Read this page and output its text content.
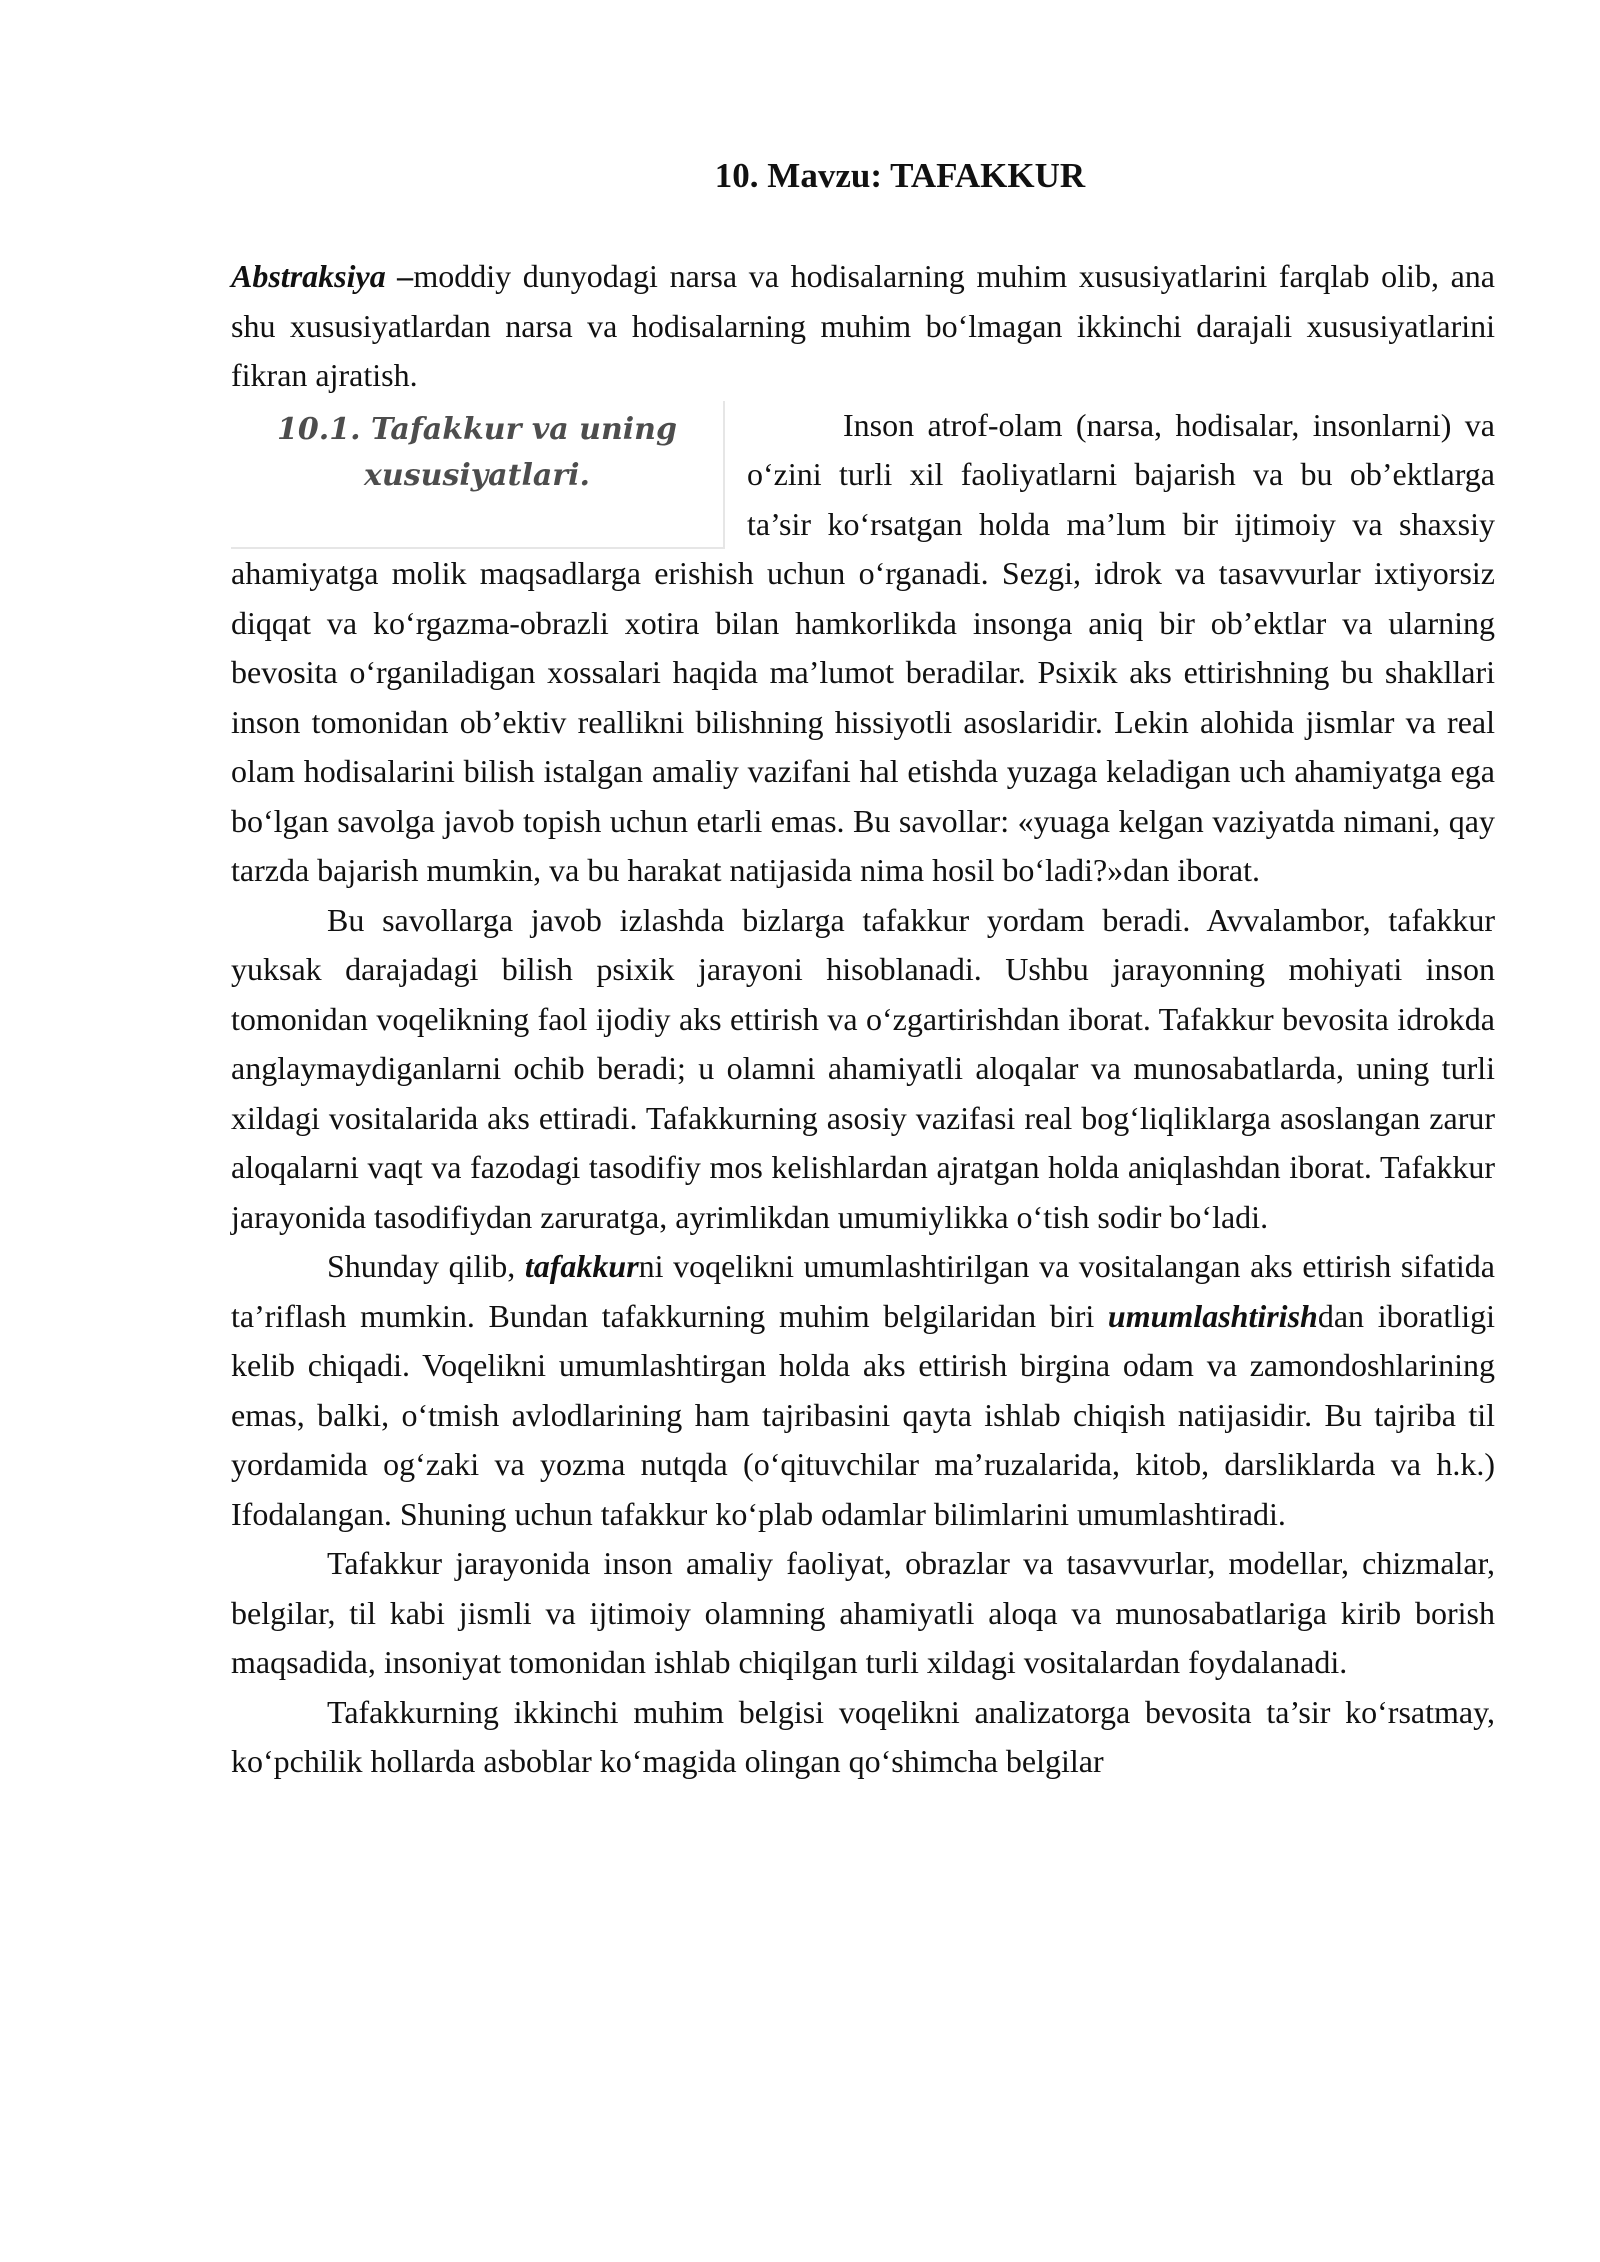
10. Mavzu: TAFAKKUR

Abstraksiya –moddiy dunyodagi narsa va hodisalarning muhim xususiyatlarini farqlab olib, ana shu xususiyatlardan narsa va hodisalarning muhim bo‘lmagan ikkinchi darajali xususiyatlarini fikran ajratish.

10.1. Tafakkur va uning
xususiyatlari.

Inson atrof-olam (narsa, hodisalar, insonlarni) va o‘zini turli xil faoliyatlarni bajarish va bu ob’ektlarga ta’sir ko‘rsatgan holda ma’lum bir ijtimoiy va shaxsiy ahamiyatga molik maqsadlarga erishish uchun o‘rganadi. Sezgi, idrok va tasavvurlar ixtiyorsiz diqqat va ko‘rgazma-obrazli xotira bilan hamkorlikda insonga aniq bir ob’ektlar va ularning bevosita o‘rganiladigan xossalari haqida ma’lumot beradilar. Psixik aks ettirishning bu shakllari inson tomonidan ob’ektiv reallikni bilishning hissiyotli asoslaridir. Lekin alohida jismlar va real olam hodisalarini bilish istalgan amaliy vazifani hal etishda yuzaga keladigan uch ahamiyatga ega bo‘lgan savolga javob topish uchun etarli emas. Bu savollar: «yuaga kelgan vaziyatda nimani, qay tarzda bajarish mumkin, va bu harakat natijasida nima hosil bo‘ladi?»dan iborat.

Bu savollarga javob izlashda bizlarga tafakkur yordam beradi. Avvalambor, tafakkur yuksak darajadagi bilish psixik jarayoni hisoblanadi. Ushbu jarayonning mohiyati inson tomonidan voqelikning faol ijodiy aks ettirish va o‘zgartirishdan iborat. Tafakkur bevosita idrokda anglaymaydiganlarni ochib beradi; u olamni ahamiyatli aloqalar va munosabatlarda, uning turli xildagi vositalarida aks ettiradi. Tafakkurning asosiy vazifasi real bog‘liqliklarga asoslangan zarur aloqalarni vaqt va fazodagi tasodifiy mos kelishlardan ajratgan holda aniqlashdan iborat. Tafakkur jarayonida tasodifiydan zaruratga, ayrimlikdan umumiylikka o‘tish sodir bo‘ladi.

Shunday qilib, tafakkurni voqelikni umumlashtirilgan va vositalangan aks ettirish sifatida ta’riflash mumkin. Bundan tafakkurning muhim belgilaridan biri umumlashtirishdan iboratligi kelib chiqadi. Voqelikni umumlashtirgan holda aks ettirish birgina odam va zamondoshlarining emas, balki, o‘tmish avlodlarining ham tajribasini qayta ishlab chiqish natijasidir. Bu tajriba til yordamida og‘zaki va yozma nutqda (o‘qituvchilar ma’ruzalarida, kitob, darsliklarda va h.k.) Ifodalangan. Shuning uchun tafakkur ko‘plab odamlar bilimlarini umumlashtiradi.

Tafakkur jarayonida inson amaliy faoliyat, obrazlar va tasavvurlar, modellar, chizmalar, belgilar, til kabi jismli va ijtimoiy olamning ahamiyatli aloqa va munosabatlariga kirib borish maqsadida, insoniyat tomonidan ishlab chiqilgan turli xildagi vositalardan foydalanadi.

Tafakkurning ikkinchi muhim belgisi voqelikni analizatorga bevosita ta’sir ko‘rsatmay, ko‘pchilik hollarda asboblar ko‘magida olingan qo‘shimcha belgilar
